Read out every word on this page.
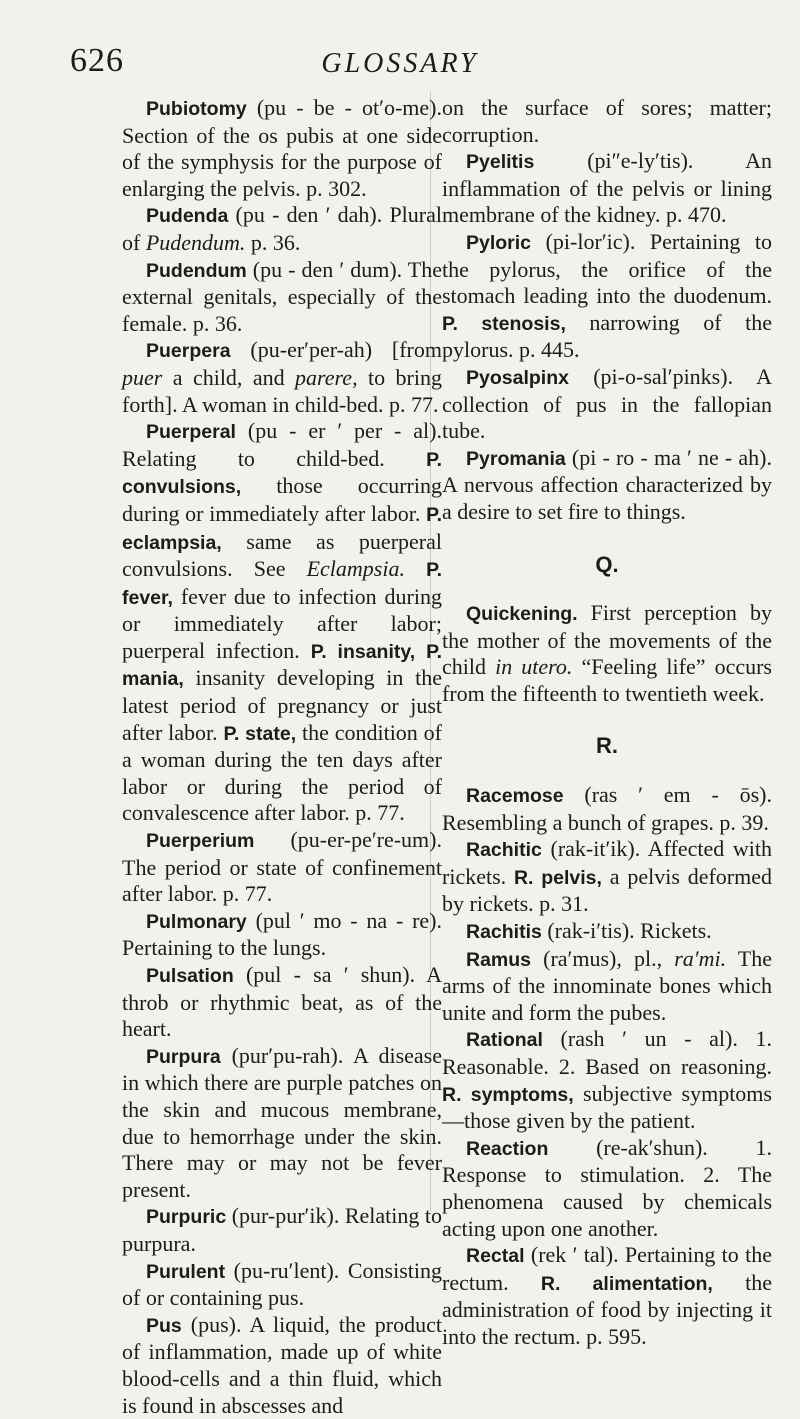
626	GLOSSARY

Pubiotomy (pu - be - ot′o-me). Section of the os pubis at one side of the symphysis for the purpose of enlarging the pelvis. p. 302.

Pudenda (pu - den ′ dah). Plural of Pudendum. p. 36.

Pudendum (pu - den ′ dum). The external genitals, especially of the female. p. 36.

Puerpera (pu-er′per-ah) [from puer a child, and parere, to bring forth]. A woman in child-bed. p. 77.

Puerperal (pu - er ′ per - al). Relating to child-bed. P. convulsions, those occurring during or immediately after labor. P. eclampsia, same as puerperal convulsions. See Eclampsia. P. fever, fever due to infection during or immediately after labor; puerperal infection. P. insanity, P. mania, insanity developing in the latest period of pregnancy or just after labor. P. state, the condition of a woman during the ten days after labor or during the period of convalescence after labor. p. 77.

Puerperium (pu-er-pe′re-um). The period or state of confinement after labor. p. 77.

Pulmonary (pul ′ mo - na - re). Pertaining to the lungs.

Pulsation (pul - sa ′ shun). A throb or rhythmic beat, as of the heart.

Purpura (pur′pu-rah). A disease in which there are purple patches on the skin and mucous membrane, due to hemorrhage under the skin. There may or may not be fever present.

Purpuric (pur-pur′ik). Relating to purpura.

Purulent (pu-ru′lent). Consisting of or containing pus.

Pus (pus). A liquid, the product of inflammation, made up of white blood-cells and a thin fluid, which is found in abscesses and

on the surface of sores; matter; corruption.

Pyelitis (pi″e-ly′tis). An inflammation of the pelvis or lining membrane of the kidney. p. 470.

Pyloric (pi-lor′ic). Pertaining to the pylorus, the orifice of the stomach leading into the duodenum. P. stenosis, narrowing of the pylorus. p. 445.

Pyosalpinx (pi-o-sal′pinks). A collection of pus in the fallopian tube.

Pyromania (pi - ro - ma ′ ne - ah). A nervous affection characterized by a desire to set fire to things.

Q.

Quickening. First perception by the mother of the movements of the child in utero. “Feeling life” occurs from the fifteenth to twentieth week.

R.

Racemose (ras ′ em - ōs). Resembling a bunch of grapes. p. 39.

Rachitic (rak-it′ik). Affected with rickets. R. pelvis, a pelvis deformed by rickets. p. 31.

Rachitis (rak-i′tis). Rickets.

Ramus (ra′mus), pl., ra′mi. The arms of the innominate bones which unite and form the pubes.

Rational (rash ′ un - al). 1. Reasonable. 2. Based on reasoning. R. symptoms, subjective symptoms—those given by the patient.

Reaction (re-ak′shun). 1. Response to stimulation. 2. The phenomena caused by chemicals acting upon one another.

Rectal (rek ′ tal). Pertaining to the rectum. R. alimentation, the administration of food by injecting it into the rectum. p. 595.
